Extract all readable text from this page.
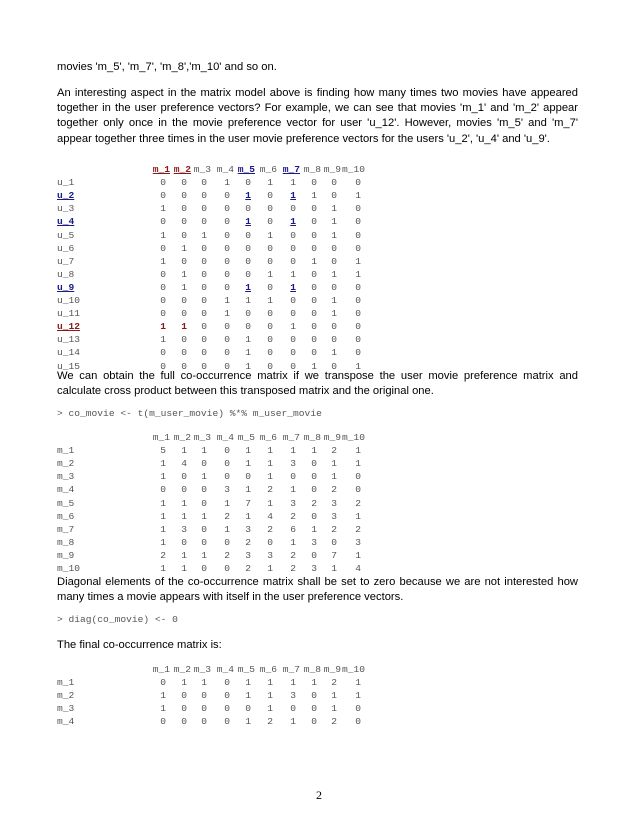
movies 'm_5', 'm_7', 'm_8','m_10' and so on.

An interesting aspect in the matrix model above is finding how many times two movies have appeared together in the user preference vectors? For example, we can see that movies 'm_1' and 'm_2' appear together only once in the movie preference vector for user 'u_12'. However, movies 'm_5' and 'm_7' appear together three times in the user movie preference vectors for the users 'u_2', 'u_4' and 'u_9'.

m_1 m_2 m_3 m_4 m_5 m_6 m_7 m_8 m_9 m_10
u_1	0	0	0	1	0	1	1	0	0	0
u_2	0	0	0	0	1	0	1	1	0	1
u_3	1	0	0	0	0	0	0	0	1	0
u_4	0	0	0	0	1	0	1	0	1	0
u_5	1	0	1	0	0	1	0	0	1	0
u_6	0	1	0	0	0	0	0	0	0	0
u_7	1	0	0	0	0	0	0	1	0	1
u_8	0	1	0	0	0	1	1	0	1	1
u_9	0	1	0	0	1	0	1	0	0	0
u_10	0	0	0	1	1	1	0	0	1	0
u_11	0	0	0	1	0	0	0	0	1	0
u_12	1	1	0	0	0	0	1	0	0	0
u_13	1	0	0	0	1	0	0	0	0	0
u_14	0	0	0	0	1	0	0	0	1	0
u_15	0	0	0	0	1	0	0	1	0	1

We can obtain the full co-occurrence matrix if we transpose the user movie preference matrix and calculate cross product between this transposed matrix and the original one.

> co_movie <- t(m_user_movie) %*% m_user_movie
m_1 m_2 m_3 m_4 m_5 m_6 m_7 m_8 m_9 m_10
m_1	5	1	1	0	1	1	1	1	2	1
m_2	1	4	0	0	1	1	3	0	1	1
m_3	1	0	1	0	0	1	0	0	1	0
m_4	0	0	0	3	1	2	1	0	2	0
m_5	1	1	0	1	7	1	3	2	3	2
m_6	1	1	1	2	1	4	2	0	3	1
m_7	1	3	0	1	3	2	6	1	2	2
m_8	1	0	0	0	2	0	1	3	0	3
m_9	2	1	1	2	3	3	2	0	7	1
m_10	1	1	0	0	2	1	2	3	1	4

Diagonal elements of the co-occurrence matrix shall be set to zero because we are not interested how many times a movie appears with itself in the user preference vectors.

> diag(co_movie) <- 0
The final co-occurrence matrix is:
m_1 m_2 m_3 m_4 m_5 m_6 m_7 m_8 m_9 m_10
m_1	0	1	1	0	1	1	1	1	2	1
m_2	1	0	0	0	1	1	3	0	1	1
m_3	1	0	0	0	0	1	0	0	1	0
m_4	0	0	0	0	1	2	1	0	2	0
2
